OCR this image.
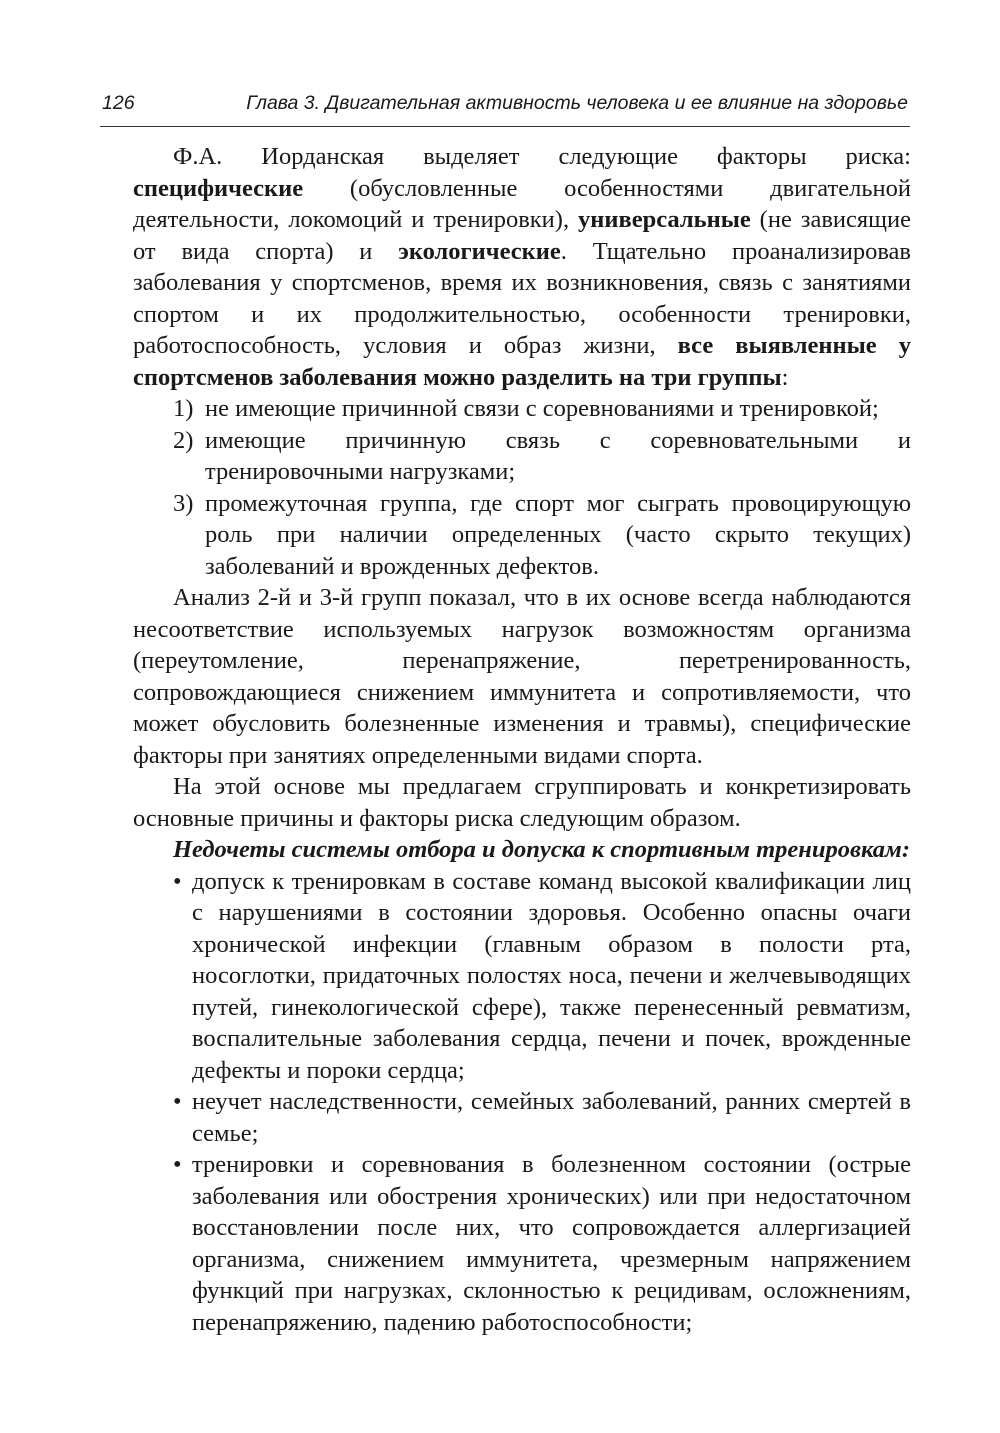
126	Глава 3. Двигательная активность человека и ее влияние на здоровье

Ф.А. Иорданская выделяет следующие факторы риска: специфические (обусловленные особенностями двигательной деятельности, локомоций и тренировки), универсальные (не зависящие от вида спорта) и экологические. Тщательно проанализировав заболевания у спортсменов, время их возникновения, связь с занятиями спортом и их продолжительностью, особенности тренировки, работоспособность, условия и образ жизни, все выявленные у спортсменов заболевания можно разделить на три группы:

1) не имеющие причинной связи с соревнованиями и тренировкой;
2) имеющие причинную связь с соревновательными и тренировочными нагрузками;
3) промежуточная группа, где спорт мог сыграть провоцирующую роль при наличии определенных (часто скрыто текущих) заболеваний и врожденных дефектов.

Анализ 2-й и 3-й групп показал, что в их основе всегда наблюдаются несоответствие используемых нагрузок возможностям организма (переутомление, перенапряжение, перетренированность, сопровождающиеся снижением иммунитета и сопротивляемости, что может обусловить болезненные изменения и травмы), специфические факторы при занятиях определенными видами спорта.

На этой основе мы предлагаем сгруппировать и конкретизировать основные причины и факторы риска следующим образом.

Недочеты системы отбора и допуска к спортивным тренировкам:

• допуск к тренировкам в составе команд высокой квалификации лиц с нарушениями в состоянии здоровья. Особенно опасны очаги хронической инфекции (главным образом в полости рта, носоглотки, придаточных полостях носа, печени и желчевыводящих путей, гинекологической сфере), также перенесенный ревматизм, воспалительные заболевания сердца, печени и почек, врожденные дефекты и пороки сердца;
• неучет наследственности, семейных заболеваний, ранних смертей в семье;
• тренировки и соревнования в болезненном состоянии (острые заболевания или обострения хронических) или при недостаточном восстановлении после них, что сопровождается аллергизацией организма, снижением иммунитета, чрезмерным напряжением функций при нагрузках, склонностью к рецидивам, осложнениям, перенапряжению, падению работоспособности;
